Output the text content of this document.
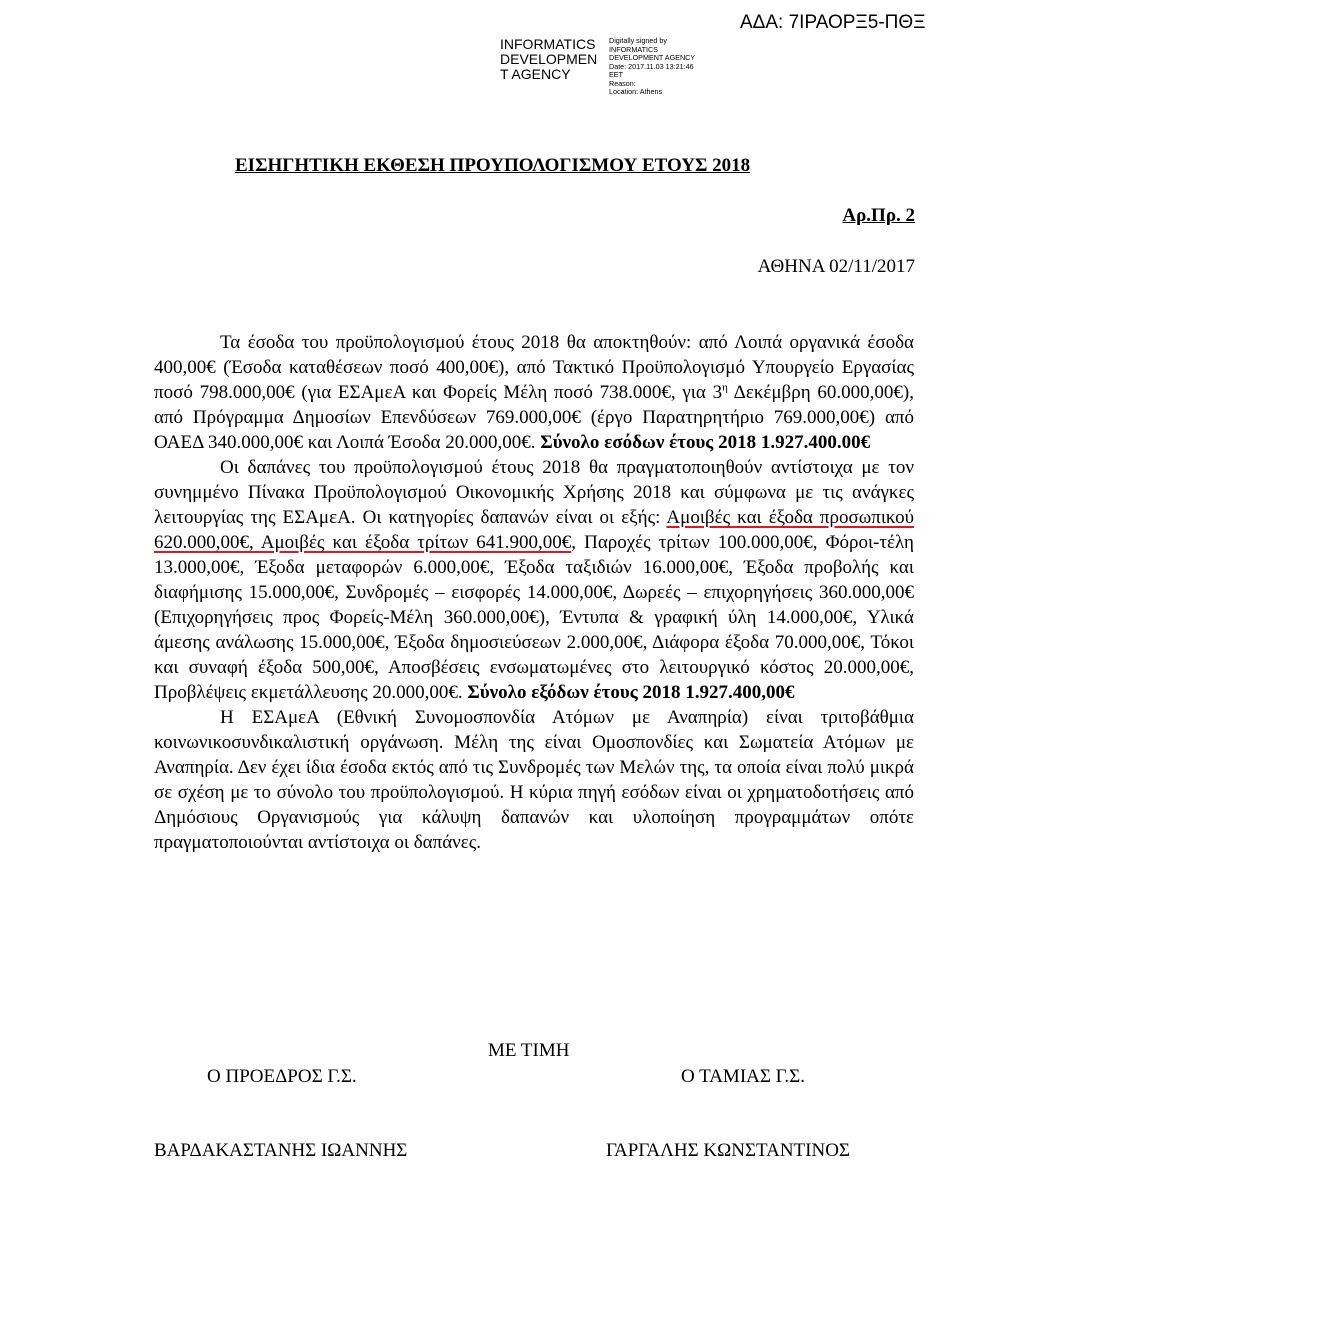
ΑΔΑ: 7ΙΡΑΟΡΞ5-ΠΘΞ
INFORMATICS
DEVELOPMEN
T AGENCY
Digitally signed by
INFORMATICS
DEVELOPMENT AGENCY
Date: 2017.11.03 13:21:46
EET
Reason:
Location: Athens
ΕΙΣΗΓΗΤΙΚΗ ΕΚΘΕΣΗ ΠΡΟΥΠΟΛΟΓΙΣΜΟΥ ΕΤΟΥΣ 2018
Αρ.Πρ. 2
ΑΘΗΝΑ 02/11/2017

Τα έσοδα του προϋπολογισμού έτους 2018 θα αποκτηθούν: από Λοιπά οργανικά έσοδα 400,00€ (Έσοδα καταθέσεων ποσό 400,00€), από Τακτικό Προϋπολογισμό Υπουργείο Εργασίας ποσό 798.000,00€ (για ΕΣΑμεΑ και Φορείς Μέλη ποσό 738.000€, για $3^\eta$ Δεκέμβρη 60.000,00€), από Πρόγραμμα Δημοσίων Επενδύσεων 769.000,00€ (έργο Παρατηρητήριο 769.000,00€) από ΟΑΕΔ 340.000,00€ και Λοιπά Έσοδα 20.000,00€. Σύνολο εσόδων έτους 2018 1.927.400.00€

Οι δαπάνες του προϋπολογισμού έτους 2018 θα πραγματοποιηθούν αντίστοιχα με τον συνημμένο Πίνακα Προϋπολογισμού Οικονομικής Χρήσης 2018 και σύμφωνα με τις ανάγκες λειτουργίας της ΕΣΑμεΑ. Οι κατηγορίες δαπανών είναι οι εξής: Αμοιβές και έξοδα προσωπικού 620.000,00€, Αμοιβές και έξοδα τρίτων 641.900,00€, Παροχές τρίτων 100.000,00€, Φόροι-τέλη 13.000,00€, Έξοδα μεταφορών 6.000,00€, Έξοδα ταξιδιών 16.000,00€, Έξοδα προβολής και διαφήμισης 15.000,00€, Συνδρομές – εισφορές 14.000,00€, Δωρεές – επιχορηγήσεις 360.000,00€ (Επιχορηγήσεις προς Φορείς-Μέλη 360.000,00€), Έντυπα & γραφική ύλη 14.000,00€, Υλικά άμεσης ανάλωσης 15.000,00€, Έξοδα δημοσιεύσεων 2.000,00€, Διάφορα έξοδα 70.000,00€, Τόκοι και συναφή έξοδα 500,00€, Αποσβέσεις ενσωματωμένες στο λειτουργικό κόστος 20.000,00€, Προβλέψεις εκμετάλλευσης 20.000,00€. Σύνολο εξόδων έτους 2018 1.927.400,00€

Η ΕΣΑμεΑ (Εθνική Συνομοσπονδία Ατόμων με Αναπηρία) είναι τριτοβάθμια κοινωνικοσυνδικαλιστική οργάνωση. Μέλη της είναι Ομοσπονδίες και Σωματεία Ατόμων με Αναπηρία. Δεν έχει ίδια έσοδα εκτός από τις Συνδρομές των Μελών της, τα οποία είναι πολύ μικρά σε σχέση με το σύνολο του προϋπολογισμού. Η κύρια πηγή εσόδων είναι οι χρηματοδοτήσεις από Δημόσιους Οργανισμούς για κάλυψη δαπανών και υλοποίηση προγραμμάτων οπότε πραγματοποιούνται αντίστοιχα οι δαπάνες.

ΜΕ ΤΙΜΗ
Ο ΠΡΟΕΔΡΟΣ Γ.Σ.	Ο ΤΑΜΙΑΣ Γ.Σ.
ΒΑΡΔΑΚΑΣΤΑΝΗΣ ΙΩΑΝΝΗΣ	ΓΑΡΓΑΛΗΣ ΚΩΝΣΤΑΝΤΙΝΟΣ
